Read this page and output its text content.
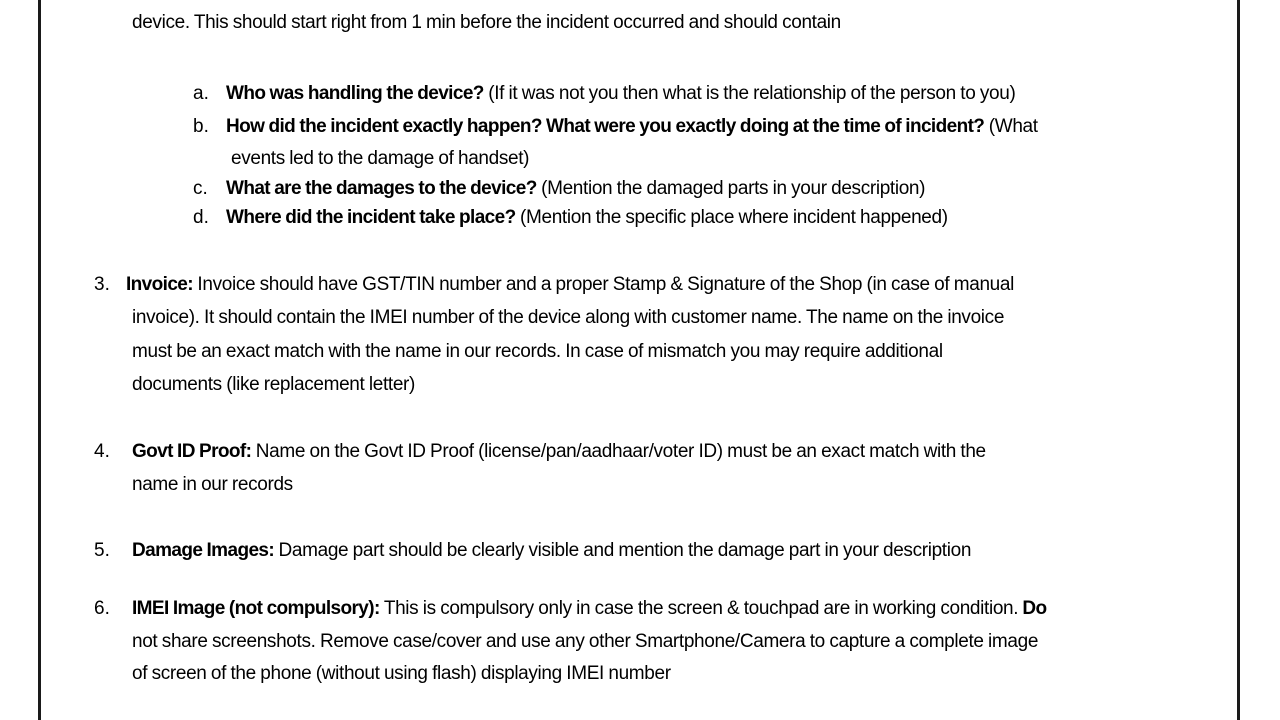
device. This should start right from 1 min before the incident occurred and should contain
a. Who was handling the device? (If it was not you then what is the relationship of the person to you)
b. How did the incident exactly happen? What were you exactly doing at the time of incident? (What
events led to the damage of handset)
c. What are the damages to the device? (Mention the damaged parts in your description)
d. Where did the incident take place? (Mention the specific place where incident happened)
3. Invoice: Invoice should have GST/TIN number and a proper Stamp & Signature of the Shop (in case of manual
invoice). It should contain the IMEI number of the device along with customer name. The name on the invoice
must be an exact match with the name in our records. In case of mismatch you may require additional
documents (like replacement letter)
4. Govt ID Proof: Name on the Govt ID Proof (license/pan/aadhaar/voter ID) must be an exact match with the
name in our records
5. Damage Images: Damage part should be clearly visible and mention the damage part in your description
6. IMEI Image (not compulsory): This is compulsory only in case the screen & touchpad are in working condition. Do
not share screenshots. Remove case/cover and use any other Smartphone/Camera to capture a complete image
of screen of the phone (without using flash) displaying IMEI number
